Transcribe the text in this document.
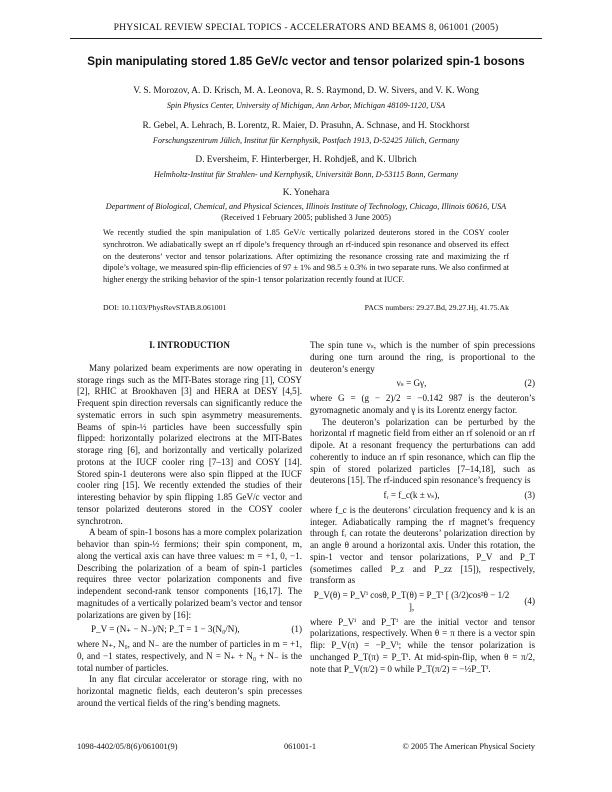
PHYSICAL REVIEW SPECIAL TOPICS - ACCELERATORS AND BEAMS 8, 061001 (2005)
Spin manipulating stored 1.85 GeV/c vector and tensor polarized spin-1 bosons
V. S. Morozov, A. D. Krisch, M. A. Leonova, R. S. Raymond, D. W. Sivers, and V. K. Wong
Spin Physics Center, University of Michigan, Ann Arbor, Michigan 48109-1120, USA
R. Gebel, A. Lehrach, B. Lorentz, R. Maier, D. Prasuhn, A. Schnase, and H. Stockhorst
Forschungszentrum Jülich, Institut für Kernphysik, Postfach 1913, D-52425 Jülich, Germany
D. Eversheim, F. Hinterberger, H. Rohdjeß, and K. Ulbrich
Helmholtz-Institut für Strahlen- und Kernphysik, Universität Bonn, D-53115 Bonn, Germany
K. Yonehara
Department of Biological, Chemical, and Physical Sciences, Illinois Institute of Technology, Chicago, Illinois 60616, USA
(Received 1 February 2005; published 3 June 2005)
We recently studied the spin manipulation of 1.85 GeV/c vertically polarized deuterons stored in the COSY cooler synchrotron. We adiabatically swept an rf dipole’s frequency through an rf-induced spin resonance and observed its effect on the deuterons’ vector and tensor polarizations. After optimizing the resonance crossing rate and maximizing the rf dipole’s voltage, we measured spin-flip efficiencies of 97 ± 1% and 98.5 ± 0.3% in two separate runs. We also confirmed at higher energy the striking behavior of the spin-1 tensor polarization recently found at IUCF.
DOI: 10.1103/PhysRevSTAB.8.061001	PACS numbers: 29.27.Bd, 29.27.Hj, 41.75.Ak
I. INTRODUCTION

Many polarized beam experiments are now operating in storage rings such as the MIT-Bates storage ring [1], COSY [2], RHIC at Brookhaven [3] and HERA at DESY [4,5]. Frequent spin direction reversals can significantly reduce the systematic errors in such spin asymmetry measurements. Beams of spin-½ particles have been successfully spin flipped: horizontally polarized electrons at the MIT-Bates storage ring [6], and horizontally and vertically polarized protons at the IUCF cooler ring [7–13] and COSY [14]. Stored spin-1 deuterons were also spin flipped at the IUCF cooler ring [15]. We recently extended the studies of their interesting behavior by spin flipping 1.85 GeV/c vector and tensor polarized deuterons stored in the COSY cooler synchrotron.

A beam of spin-1 bosons has a more complex polarization behavior than spin-½ fermions; their spin component, m, along the vertical axis can have three values: m = +1, 0, −1. Describing the polarization of a beam of spin-1 particles requires three vector polarization components and five independent second-rank tensor components [16,17]. The magnitudes of a vertically polarized beam’s vector and tensor polarizations are given by [16]:

P_V = (N₊ − N₋)/N; P_T = 1 − 3(N₀/N),	(1)

where N₊, N₀, and N₋ are the number of particles in m = +1, 0, and −1 states, respectively, and N = N₊ + N₀ + N₋ is the total number of particles.

In any flat circular accelerator or storage ring, with no horizontal magnetic fields, each deuteron’s spin precesses around the vertical fields of the ring’s bending magnets.

The spin tune νₛ, which is the number of spin precessions during one turn around the ring, is proportional to the deuteron’s energy

νₛ = Gγ,	(2)

where G = (g − 2)/2 = −0.142 987 is the deuteron’s gyromagnetic anomaly and γ is its Lorentz energy factor.

The deuteron’s polarization can be perturbed by the horizontal rf magnetic field from either an rf solenoid or an rf dipole. At a resonant frequency the perturbations can add coherently to induce an rf spin resonance, which can flip the spin of stored polarized particles [7–14,18], such as deuterons [15]. The rf-induced spin resonance’s frequency is

fᵣ = f_c(k ± νₛ),	(3)

where f_c is the deuterons’ circulation frequency and k is an integer. Adiabatically ramping the rf magnet’s frequency through fᵣ can rotate the deuterons’ polarization direction by an angle θ around a horizontal axis. Under this rotation, the spin-1 vector and tensor polarizations, P_V and P_T (sometimes called P_z and P_zz [15]), respectively, transform as

P_V(θ) = P_Vⁱ cosθ, P_T(θ) = P_Tⁱ [ (3/2)cos²θ − 1/2 ],
(4)

where P_Vⁱ and P_Tⁱ are the initial vector and tensor polarizations, respectively. When θ = π there is a vector spin flip: P_V(π) = −P_Vⁱ; while the tensor polarization is unchanged P_T(π) = P_Tⁱ. At mid-spin-flip, when θ = π/2, note that P_V(π/2) = 0 while P_T(π/2) = −½P_Tⁱ.

1098-4402/05/8(6)/061001(9)	061001-1	© 2005 The American Physical Society
